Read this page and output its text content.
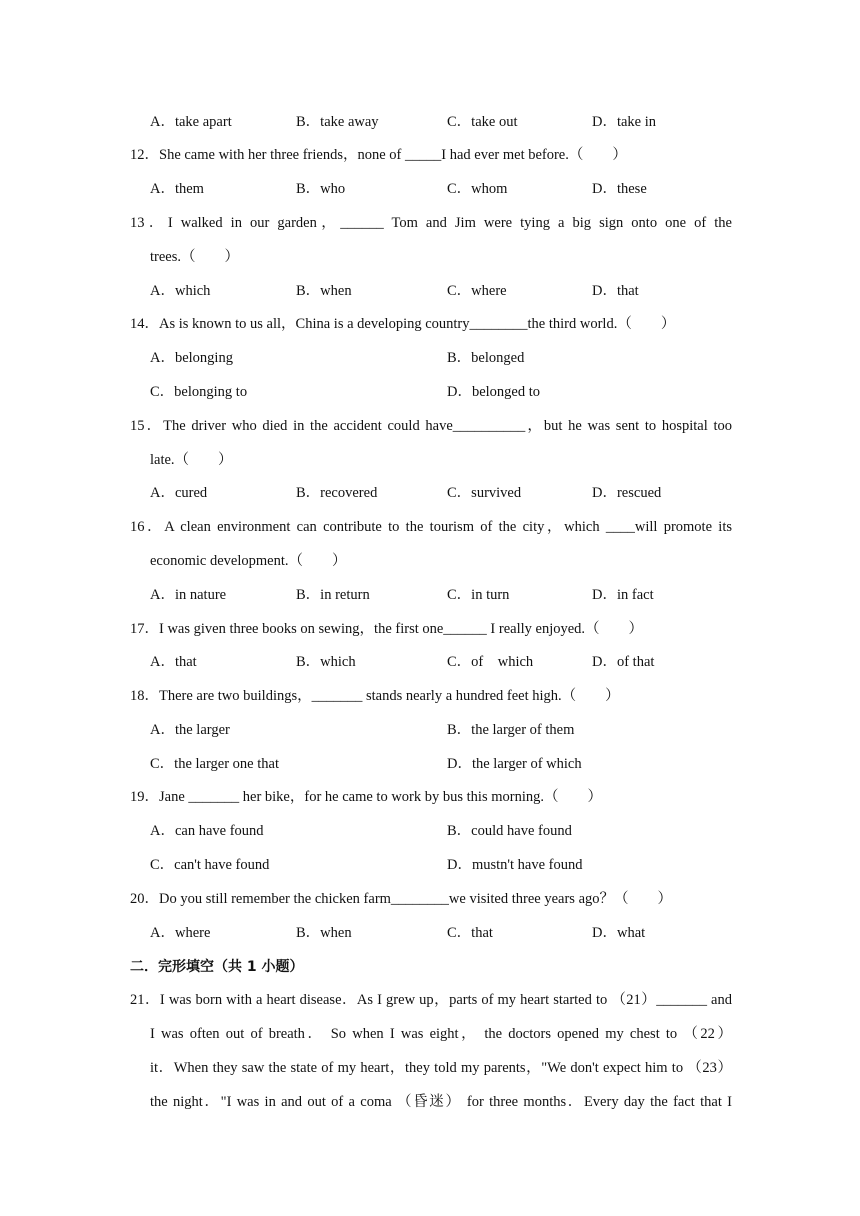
A．take apart	B．take away	C．take out	D．take in
12．She came with her three friends，none of _____I had ever met before.（　　）
A．them	B．who	C．whom	D．these
13．I walked in our garden，______ Tom and Jim were tying a big sign onto one of the
trees.（　　）
A．which	B．when	C．where	D．that
14．As is known to us all，China is a developing country________the third world.（　　）
A．belonging	B．belonged
C．belonging to	D．belonged to
15．The driver who died in the accident could have__________，but he was sent to hospital too
late.（　　）
A．cured	B．recovered	C．survived	D．rescued
16．A clean environment can contribute to the tourism of the city，which ____will promote its
economic development.（　　）
A．in nature	B．in return	C．in turn	D．in fact
17．I was given three books on sewing，the first one______ I really enjoyed.（　　）
A．that	B．which	C．of　which	D．of that
18．There are two buildings，_______ stands nearly a hundred feet high.（　　）
A．the larger	B．the larger of them
C．the larger one that	D．the larger of which
19．Jane _______ her bike，for he came to work by bus this morning.（　　）
A．can have found	B．could have found
C．can't have found	D．mustn't have found
20．Do you still remember the chicken farm________we visited three years ago？（　　）
A．where	B．when	C．that	D．what
二．完形填空（共 1 小题）
21．I was born with a heart disease．As I grew up，parts of my heart started to （21）_______ and
I was often out of breath． So when I was eight， the doctors opened my chest to （22）
it．When they saw the state of my heart，they told my parents，"We don't expect him to （23）
the night．"I was in and out of a coma （昏迷） for three months．Every day the fact that I
